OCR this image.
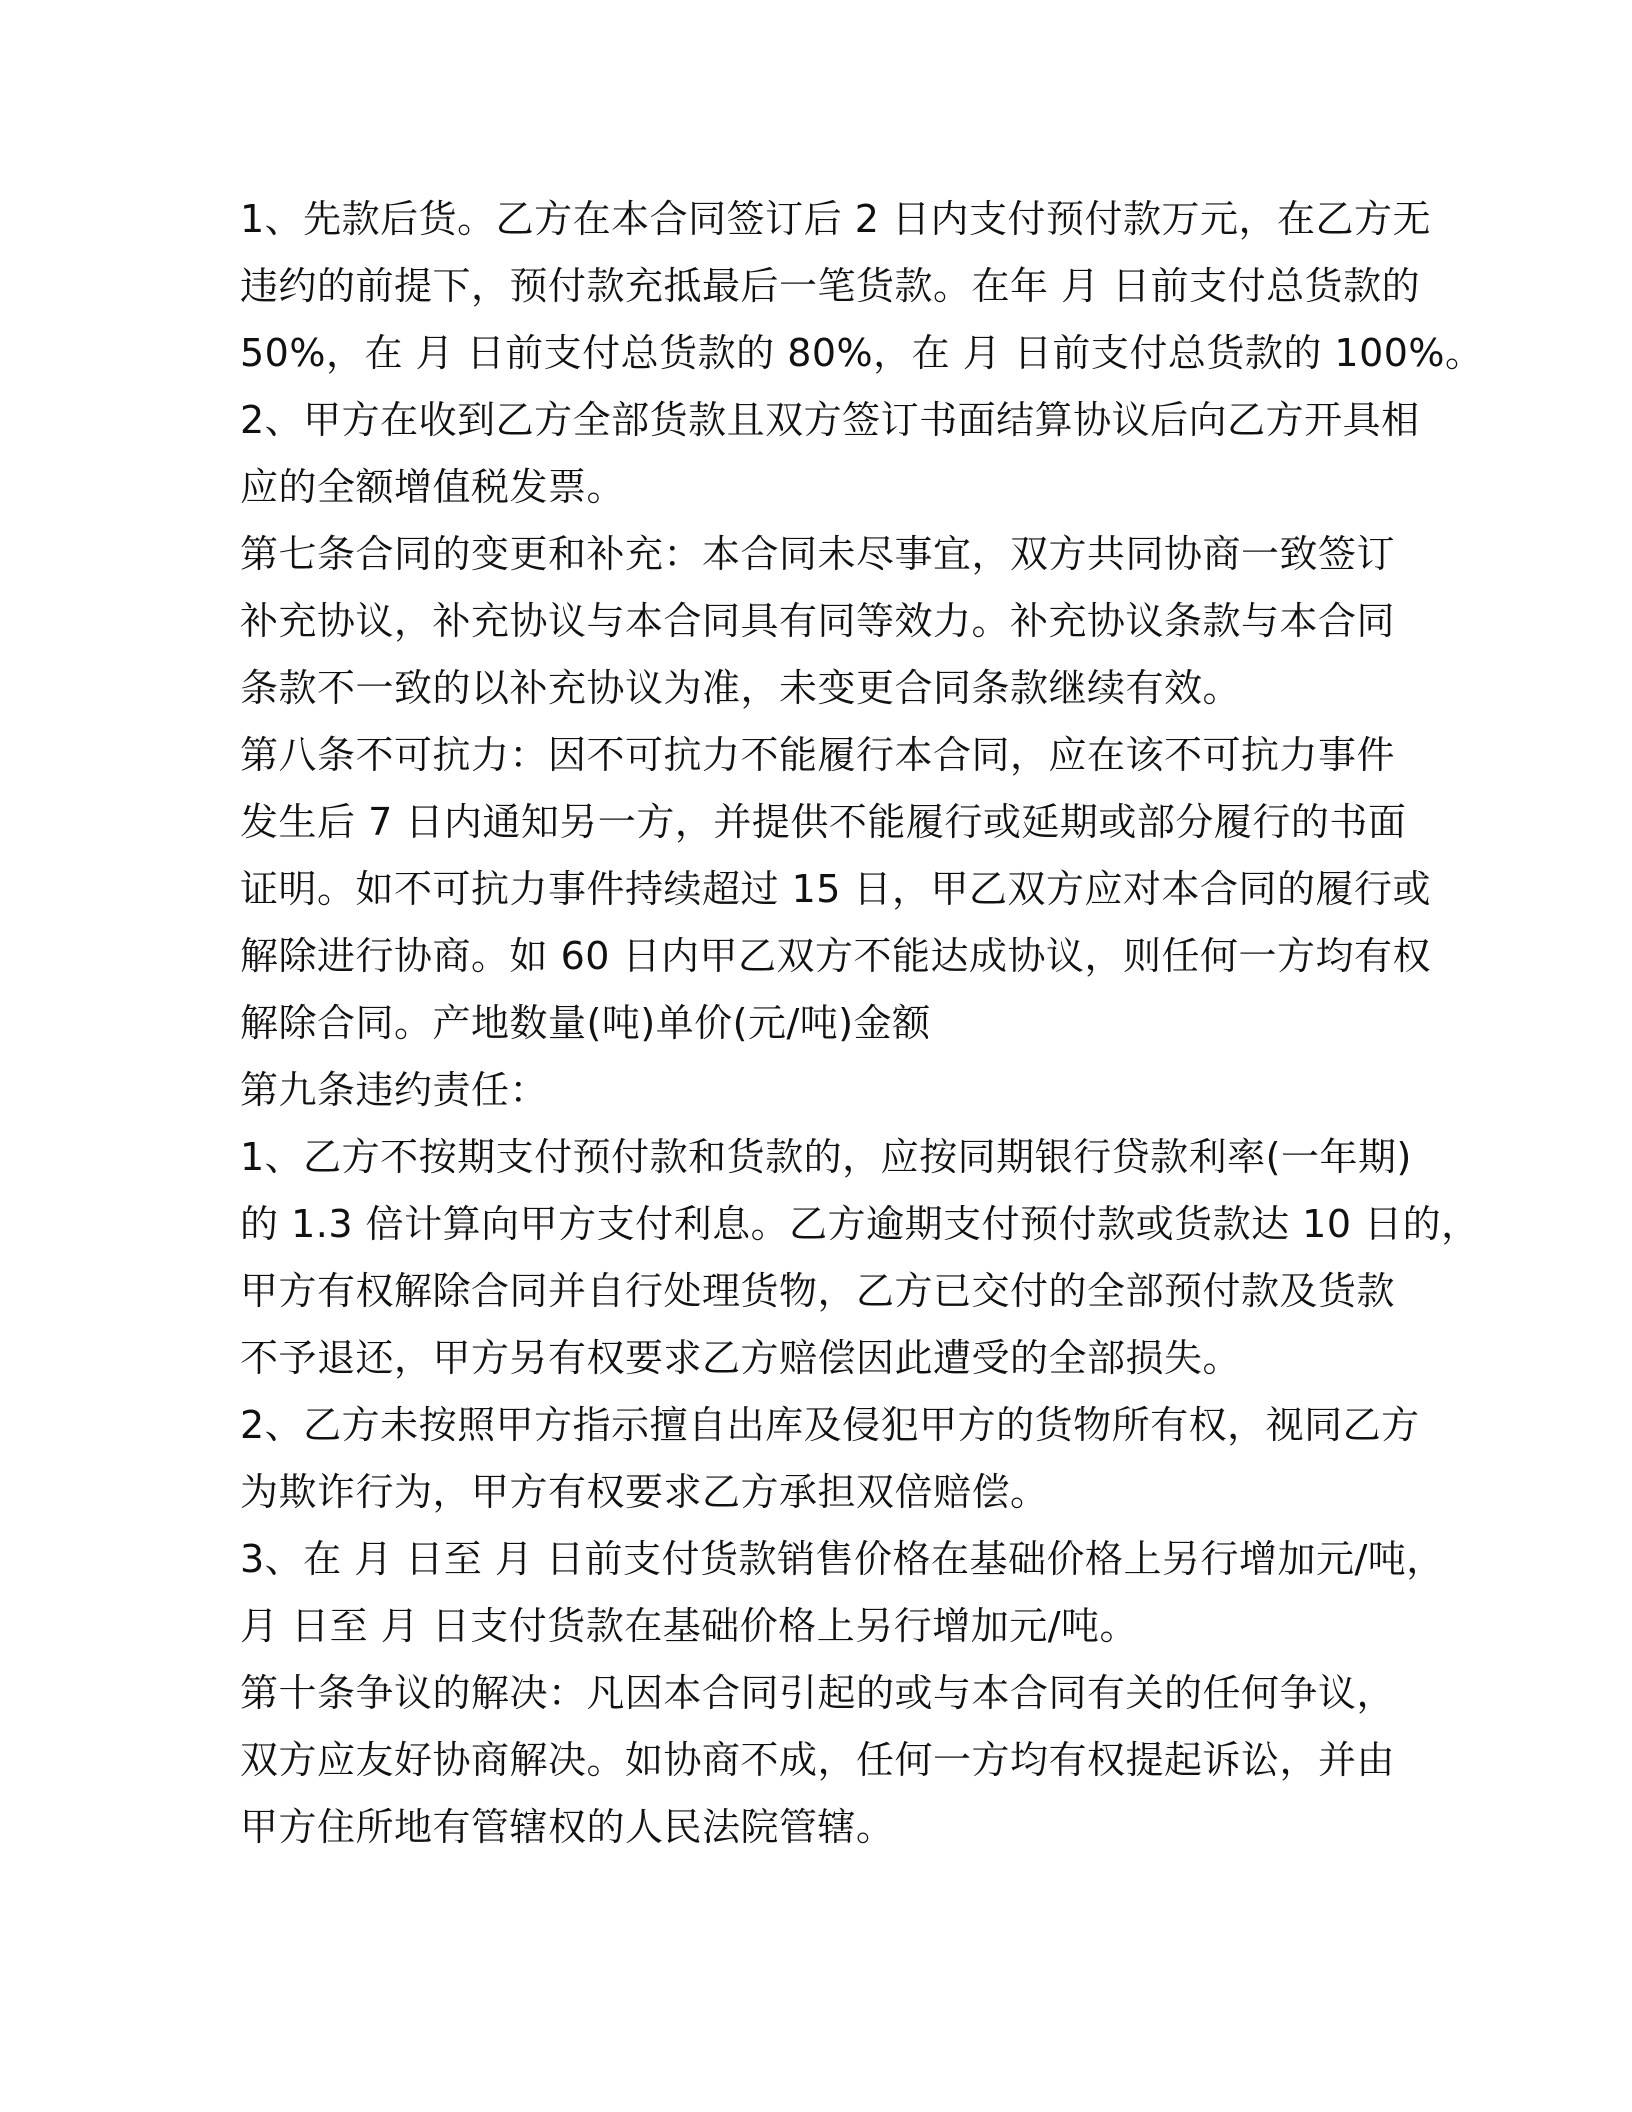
1、先款后货。乙方在本合同签订后 2 日内支付预付款万元，在乙方无
违约的前提下，预付款充抵最后一笔货款。在年 月 日前支付总货款的
50%，在 月 日前支付总货款的 80%，在 月 日前支付总货款的 100%。
2、甲方在收到乙方全部货款且双方签订书面结算协议后向乙方开具相
应的全额增值税发票。
第七条合同的变更和补充：本合同未尽事宜，双方共同协商一致签订
补充协议，补充协议与本合同具有同等效力。补充协议条款与本合同
条款不一致的以补充协议为准，未变更合同条款继续有效。
第八条不可抗力：因不可抗力不能履行本合同，应在该不可抗力事件
发生后 7 日内通知另一方，并提供不能履行或延期或部分履行的书面
证明。如不可抗力事件持续超过 15 日，甲乙双方应对本合同的履行或
解除进行协商。如 60 日内甲乙双方不能达成协议，则任何一方均有权
解除合同。产地数量(吨)单价(元/吨)金额
第九条违约责任：
1、乙方不按期支付预付款和货款的，应按同期银行贷款利率(一年期)
的 1.3 倍计算向甲方支付利息。乙方逾期支付预付款或货款达 10 日的，
甲方有权解除合同并自行处理货物，乙方已交付的全部预付款及货款
不予退还，甲方另有权要求乙方赔偿因此遭受的全部损失。
2、乙方未按照甲方指示擅自出库及侵犯甲方的货物所有权，视同乙方
为欺诈行为，甲方有权要求乙方承担双倍赔偿。
3、在 月 日至 月 日前支付货款销售价格在基础价格上另行增加元/吨，
月 日至 月 日支付货款在基础价格上另行增加元/吨。
第十条争议的解决：凡因本合同引起的或与本合同有关的任何争议，
双方应友好协商解决。如协商不成，任何一方均有权提起诉讼，并由
甲方住所地有管辖权的人民法院管辖。
